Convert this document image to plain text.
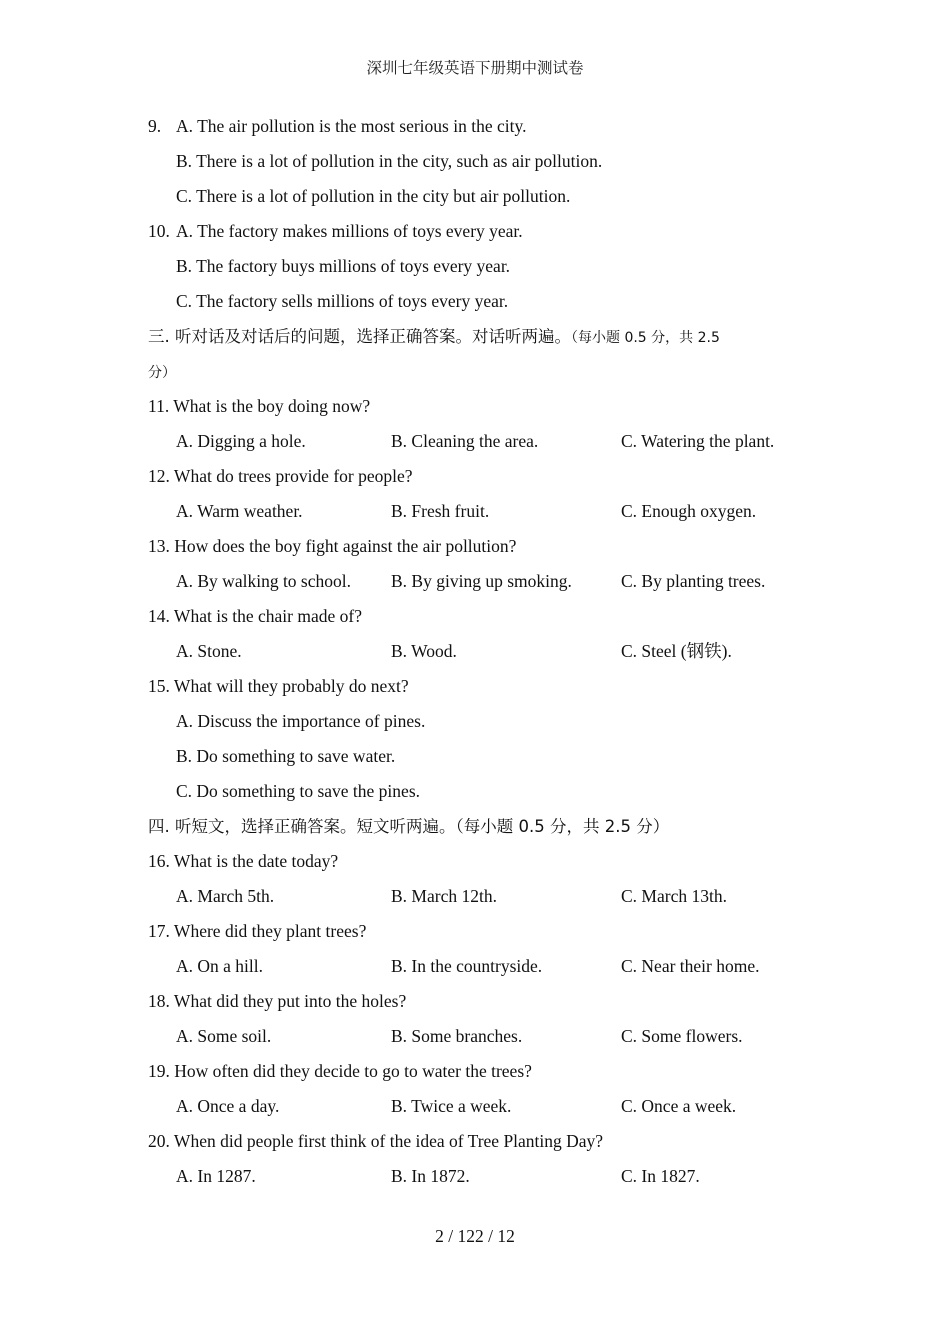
深圳七年级英语下册期中测试卷
9. A. The air pollution is the most serious in the city.
B. There is a lot of pollution in the city, such as air pollution.
C. There is a lot of pollution in the city but air pollution.
10. A. The factory makes millions of toys every year.
B. The factory buys millions of toys every year.
C. The factory sells millions of toys every year.
三. 听对话及对话后的问题，选择正确答案。对话听两遍。（每小题 0.5 分，共 2.5
分）
11. What is the boy doing now?
A. Digging a hole.	B. Cleaning the area.	C. Watering the plant.
12. What do trees provide for people?
A. Warm weather.	B. Fresh fruit.	C. Enough oxygen.
13. How does the boy fight against the air pollution?
A. By walking to school. B. By giving up smoking.	C. By planting trees.
14. What is the chair made of?
A. Stone.	B. Wood.	C. Steel (钢铁).
15. What will they probably do next?
A. Discuss the importance of pines.
B. Do something to save water.
C. Do something to save the pines.
四. 听短文，选择正确答案。短文听两遍。（每小题 0.5 分，共 2.5 分）
16. What is the date today?
A. March 5th.	B. March 12th.	C. March 13th.
17. Where did they plant trees?
A. On a hill.	B. In the countryside.	C. Near their home.
18. What did they put into the holes?
A. Some soil.	B. Some branches.	C. Some flowers.
19. How often did they decide to go to water the trees?
A. Once a day.	B. Twice a week.	C. Once a week.
20. When did people first think of the idea of Tree Planting Day?
A. In 1287.	B. In 1872.	C. In 1827.
2 / 122 / 12
